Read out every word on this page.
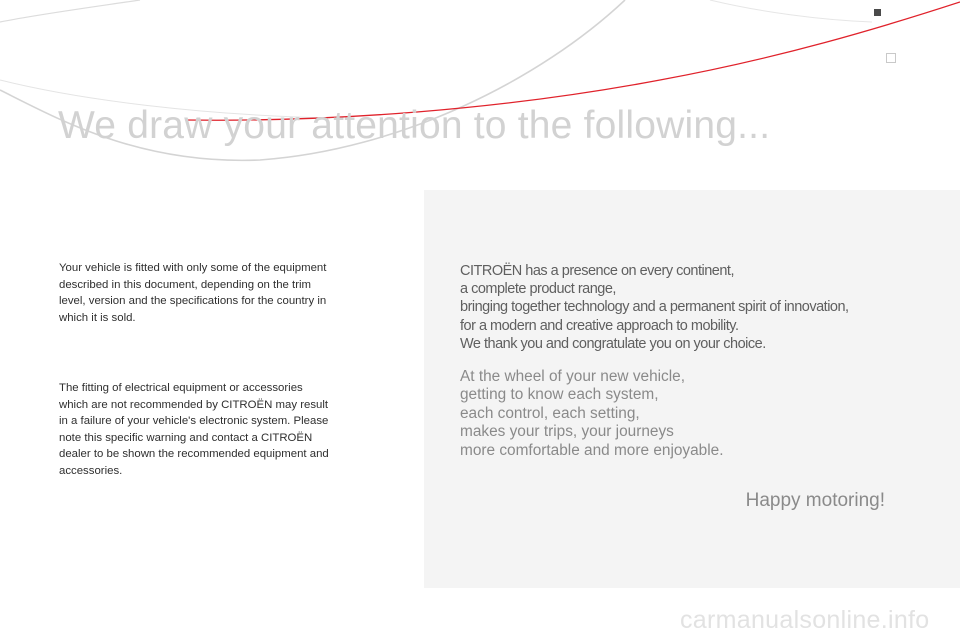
We draw your attention to the following...

Your vehicle is fitted with only some of the equipment described in this document, depending on the trim level, version and the specifications for the country in which it is sold.

The fitting of electrical equipment or accessories which are not recommended by CITROËN may result in a failure of your vehicle's electronic system. Please note this specific warning and contact a CITROËN dealer to be shown the recommended equipment and accessories.

CITROËN has a presence on every continent,
a complete product range,
bringing together technology and a permanent spirit of innovation,
for a modern and creative approach to mobility.
We thank you and congratulate you on your choice.
At the wheel of your new vehicle,
getting to know each system,
each control, each setting,
makes your trips, your journeys
more comfortable and more enjoyable.
Happy motoring!
carmanualsonline.info
